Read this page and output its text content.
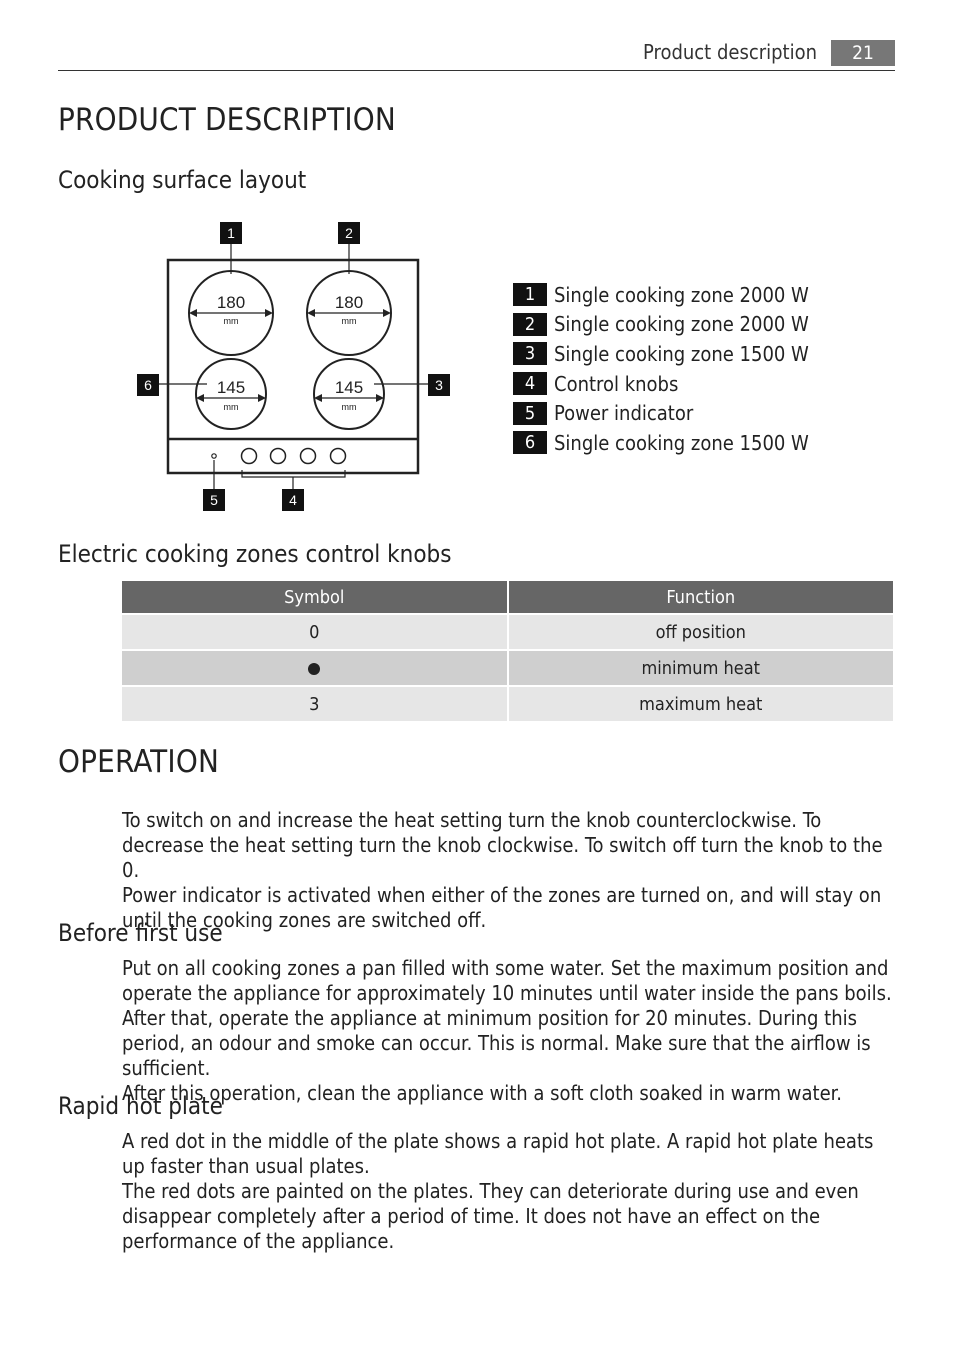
Product description	21
PRODUCT DESCRIPTION
Cooking surface layout
180
mm
180
mm
145
mm
145
mm
1	2
3
4
5
6
1 Single cooking zone 2000 W
2 Single cooking zone 2000 W
3 Single cooking zone 1500 W
4 Control knobs
5 Power indicator
6 Single cooking zone 1500 W
Electric cooking zones control knobs
Symbol	Function
0	off position
	minimum heat
3	maximum heat
OPERATION

To switch on and increase the heat setting turn the knob counterclockwise. To decrease the heat setting turn the knob clockwise. To switch off turn the knob to the 0.

Power indicator is activated when either of the zones are turned on, and will stay on until the cooking zones are switched off.

Before first use

Put on all cooking zones a pan filled with some water. Set the maximum position and operate the appliance for approximately 10 minutes until water inside the pans boils. After that, operate the appliance at minimum position for 20 minutes. During this period, an odour and smoke can occur. This is normal. Make sure that the airflow is sufficient.

After this operation, clean the appliance with a soft cloth soaked in warm water.

Rapid hot plate

A red dot in the middle of the plate shows a rapid hot plate. A rapid hot plate heats up faster than usual plates.

The red dots are painted on the plates. They can deteriorate during use and even disappear completely after a period of time. It does not have an effect on the performance of the appliance.
